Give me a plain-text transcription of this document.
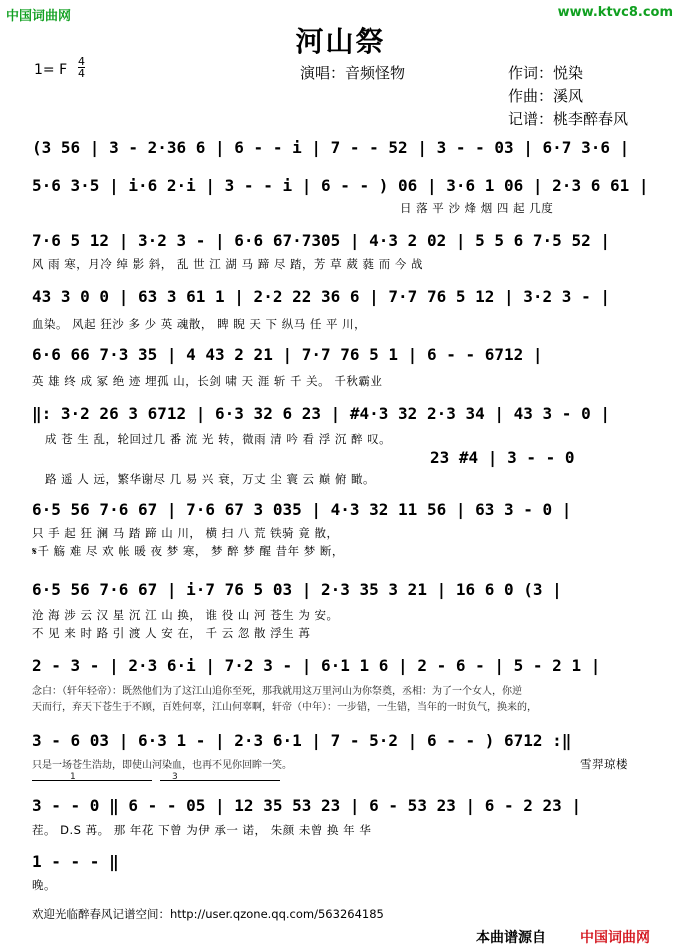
中国词曲网	www.ktvc8.com
河山祭
1= F
4
4	演唱：音频怪物	作词：悦染
作曲：溪风
记谱：桃李醉春风
(3 56 | 3 - 2·36 6 | 6 - - i | 7 - - 52 | 3 - - 03 | 6·7 3·6 |
5·6 3·5 | i·6 2·i | 3 - - i | 6 - - ) 06 | 3·6 1 06 | 2·3 6 61 |
日 落 平 沙 烽 烟 四 起 几度
7·6 5 12 | 3·2 3 - | 6·6 67·7305 | 4·3 2 02 | 5 5 6 7·5 52 |
风 雨 寒，月冷 绰 影 斜， 乱 世 江 湖 马 蹄 尽 踏，芳 草 葳 蕤 而 今 战
43 3 0 0 | 63 3 61 1 | 2·2 22 36 6 | 7·7 76 5 12 | 3·2 3 - |
血染。 风起 狂沙 多 少 英 魂散， 睥 睨 天 下 纵马 任 平 川，
6·6 66 7·3 35 | 4 43 2 21 | 7·7 76 5 1 | 6 - - 6712 |
英 雄 终 成 冢 绝 迹 埋孤 山，长剑 啸 天 涯 斩 千 关。 千秋霸业
‖: 3·2 26 3 6712 | 6·3 32 6 23 | #4·3 32 2·3 34 | 43 3 - 0 |
成 苍 生 乱，轮回过几 番 流 光 转，微雨 清 吟 看 浮 沉 醉 叹。
23 #4 | 3 - - 0
路 遥 人 远，繁华谢尽 几 易 兴 衰，万丈 尘 寰 云 巅 俯 瞰。
6·5 56 7·6 67 | 7·6 67 3 035 | 4·3 32 11 56 | 63 3 - 0 |
只 手 起 狂 澜 马 踏 蹄 山 川， 横 扫 八 荒 铁骑 竟 散，
𝄋千 觞 难 尽 欢 帐 暖 夜 梦 寒， 梦 醉 梦 醒 昔年 梦 断，
6·5 56 7·6 67 | i·7 76 5 03 | 2·3 35 3 21 | 16 6 0 (3 |
沧 海 涉 云 汉 星 沉 江 山 换， 谁 役 山 河 苍生 为 安。
不 见 来 时 路 引 渡 人 安 在， 千 云 忽 散 浮生 苒
2 - 3 - | 2·3 6·i | 7·2 3 - | 6·1 1 6 | 2 - 6 - | 5 - 2 1 |
念白：（轩年轻帝）：既然他们为了这江山追你至死，那我就用这万里河山为你祭奠，丞相：为了一个女人，你逆
天而行，弃天下苍生于不顾，百姓何辜，江山何辜啊，轩帝（中年）：一步错，一生错，当年的一时负气，换来的，
3 - 6 03 | 6·3 1 - | 2·3 6·1 | 7 - 5·2 | 6 - - ) 6712 :‖
只是一场苍生浩劫，即使山河染血，也再不见你回眸一笑。	雪羿琼楼
1	3
3 - - 0 ‖ 6 - - 05 | 12 35 53 23 | 6 - 53 23 | 6 - 2 23 |
茬。 D.S 苒。 那 年花 下曾 为伊 承一 诺， 朱颜 未曾 换 年 华
1 - - - ‖
晚。
欢迎光临醉春风记谱空间：http://user.qzone.qq.com/563264185
本曲谱源自 中国词曲网
